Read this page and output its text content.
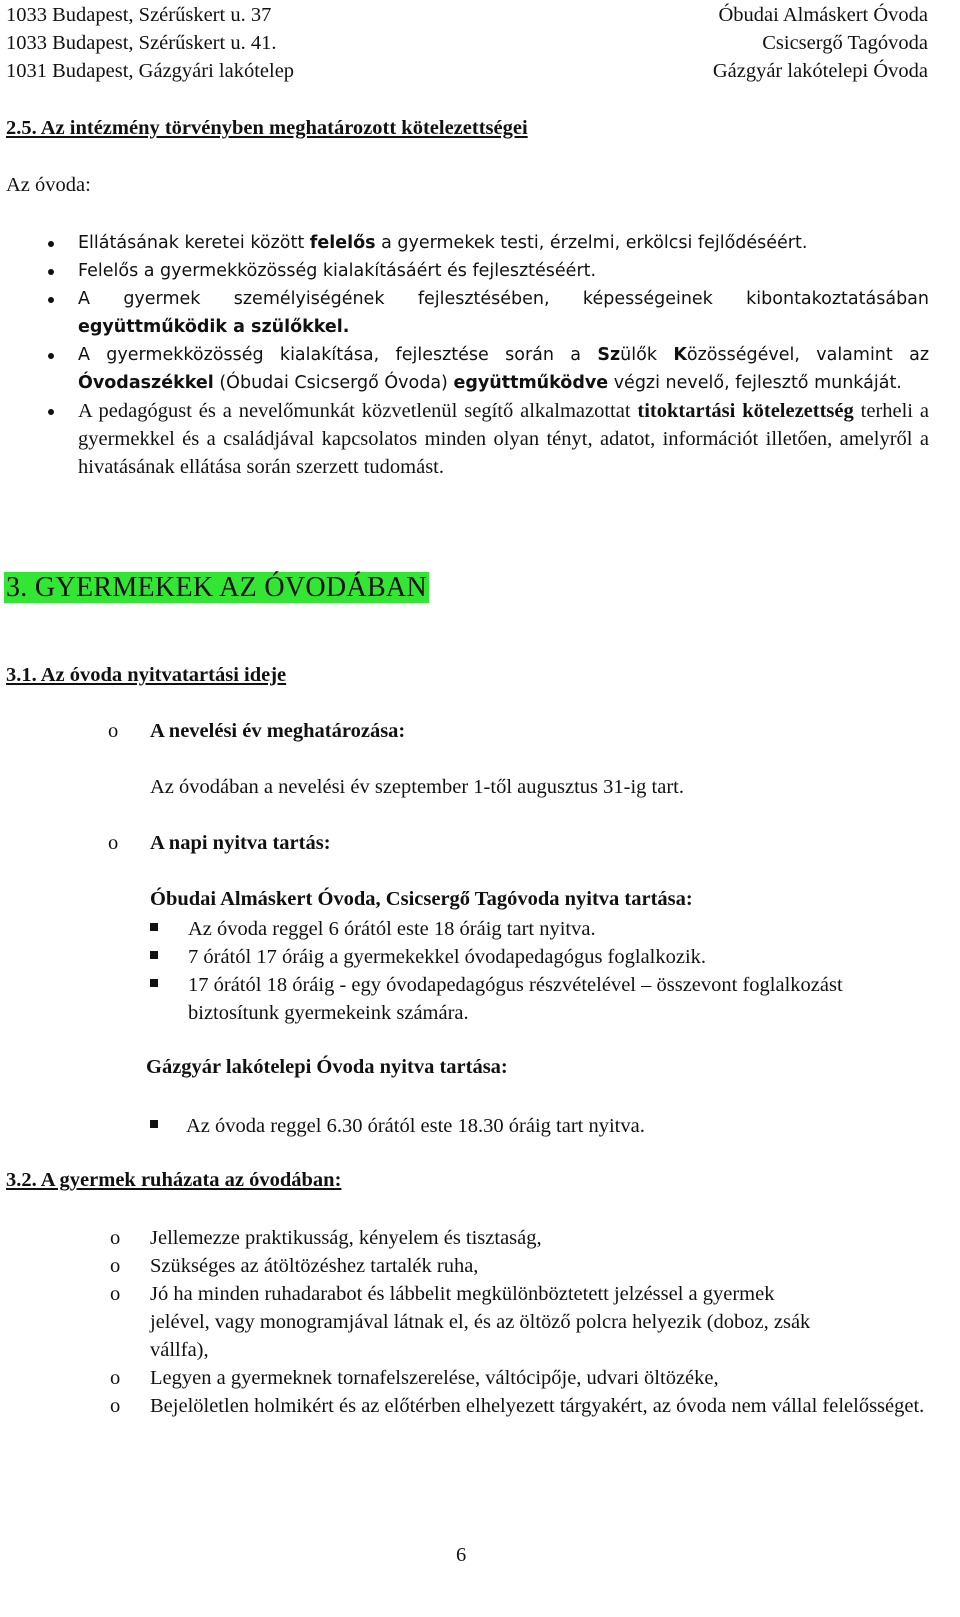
1033 Budapest, Szérűskert u. 37	Óbudai Almáskert Óvoda
1033 Budapest, Szérűskert u. 41.	Csicsergő Tagóvoda
1031 Budapest, Gázgyári lakótelep	Gázgyár lakótelepi Óvoda
2.5. Az intézmény törvényben meghatározott kötelezettségei
Az óvoda:
Ellátásának keretei között felelős a gyermekek testi, érzelmi, erkölcsi fejlődéséért.
Felelős a gyermekközösség kialakításáért és fejlesztéséért.
A gyermek személyiségének fejlesztésében, képességeinek kibontakoztatásában együttműködik a szülőkkel.
A gyermekközösség kialakítása, fejlesztése során a Szülők Közösségével, valamint az Óvodaszékkel (Óbudai Csicsergő Óvoda) együttműködve végzi nevelő, fejlesztő munkáját.
A pedagógust és a nevelőmunkát közvetlenül segítő alkalmazottat titoktartási kötelezettség terheli a gyermekkel és a családjával kapcsolatos minden olyan tényt, adatot, információt illetően, amelyről a hivatásának ellátása során szerzett tudomást.
3. GYERMEKEK AZ ÓVODÁBAN
3.1. Az óvoda nyitvatartási ideje
o A nevelési év meghatározása:
Az óvodában a nevelési év szeptember 1-től augusztus 31-ig tart.
o A napi nyitva tartás:
Óbudai Almáskert Óvoda, Csicsergő Tagóvoda nyitva tartása:
Az óvoda reggel 6 órától este 18 óráig tart nyitva.
7 órától 17 óráig a gyermekekkel óvodapedagógus foglalkozik.
17 órától 18 óráig - egy óvodapedagógus részvételével – összevont foglalkozást biztosítunk gyermekeink számára.
Gázgyár lakótelepi Óvoda nyitva tartása:
Az óvoda reggel 6.30 órától este 18.30 óráig tart nyitva.
3.2. A gyermek ruházata az óvodában:
o Jellemezze praktikusság, kényelem és tisztaság,
o Szükséges az átöltözéshez tartalék ruha,
o Jó ha minden ruhadarabot és lábbelit megkülönböztetett jelzéssel a gyermek jelével, vagy monogramjával látnak el, és az öltöző polcra helyezik (doboz, zsák vállfa),
o Legyen a gyermeknek tornafelszerelése, váltócipője, udvari öltözéke,
o Bejelöletlen holmikért és az előtérben elhelyezett tárgyakért, az óvoda nem vállal felelősséget.
6
